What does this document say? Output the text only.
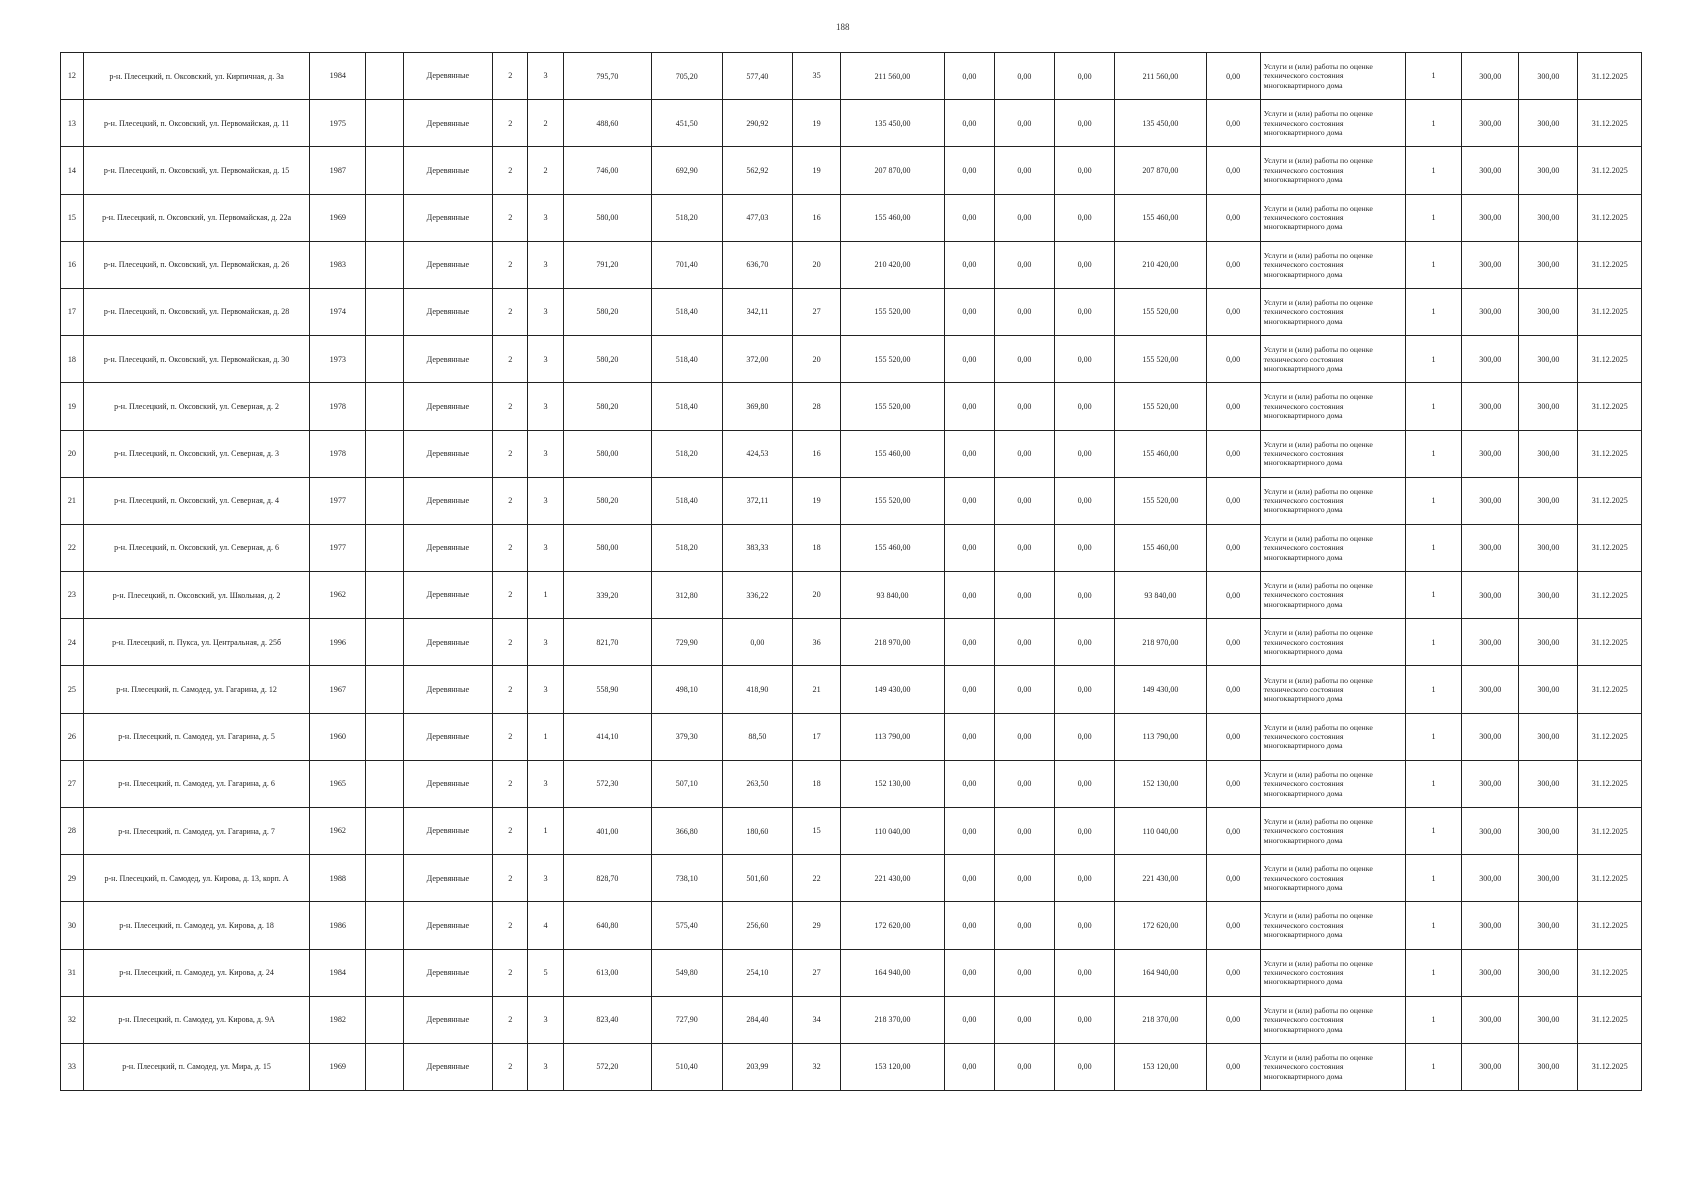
188
12	р-н. Плесецкий, п. Оксовский, ул. Кирпичная, д. 3а	1984		Деревянные	2	3	795,70	705,20	577,40	35	211 560,00	0,00	0,00	0,00	211 560,00	0,00	Услуги и (или) работы по оценке технического состояния многоквартирного дома	1	300,00	300,00	31.12.2025
13	р-н. Плесецкий, п. Оксовский, ул. Первомайская, д. 11	1975		Деревянные	2	2	488,60	451,50	290,92	19	135 450,00	0,00	0,00	0,00	135 450,00	0,00	Услуги и (или) работы по оценке технического состояния многоквартирного дома	1	300,00	300,00	31.12.2025
14	р-н. Плесецкий, п. Оксовский, ул. Первомайская, д. 15	1987		Деревянные	2	2	746,00	692,90	562,92	19	207 870,00	0,00	0,00	0,00	207 870,00	0,00	Услуги и (или) работы по оценке технического состояния многоквартирного дома	1	300,00	300,00	31.12.2025
15	р-н. Плесецкий, п. Оксовский, ул. Первомайская, д. 22а	1969		Деревянные	2	3	580,00	518,20	477,03	16	155 460,00	0,00	0,00	0,00	155 460,00	0,00	Услуги и (или) работы по оценке технического состояния многоквартирного дома	1	300,00	300,00	31.12.2025
16	р-н. Плесецкий, п. Оксовский, ул. Первомайская, д. 26	1983		Деревянные	2	3	791,20	701,40	636,70	20	210 420,00	0,00	0,00	0,00	210 420,00	0,00	Услуги и (или) работы по оценке технического состояния многоквартирного дома	1	300,00	300,00	31.12.2025
17	р-н. Плесецкий, п. Оксовский, ул. Первомайская, д. 28	1974		Деревянные	2	3	580,20	518,40	342,11	27	155 520,00	0,00	0,00	0,00	155 520,00	0,00	Услуги и (или) работы по оценке технического состояния многоквартирного дома	1	300,00	300,00	31.12.2025
18	р-н. Плесецкий, п. Оксовский, ул. Первомайская, д. 30	1973		Деревянные	2	3	580,20	518,40	372,00	20	155 520,00	0,00	0,00	0,00	155 520,00	0,00	Услуги и (или) работы по оценке технического состояния многоквартирного дома	1	300,00	300,00	31.12.2025
19	р-н. Плесецкий, п. Оксовский, ул. Северная, д. 2	1978		Деревянные	2	3	580,20	518,40	369,80	28	155 520,00	0,00	0,00	0,00	155 520,00	0,00	Услуги и (или) работы по оценке технического состояния многоквартирного дома	1	300,00	300,00	31.12.2025
20	р-н. Плесецкий, п. Оксовский, ул. Северная, д. 3	1978		Деревянные	2	3	580,00	518,20	424,53	16	155 460,00	0,00	0,00	0,00	155 460,00	0,00	Услуги и (или) работы по оценке технического состояния многоквартирного дома	1	300,00	300,00	31.12.2025
21	р-н. Плесецкий, п. Оксовский, ул. Северная, д. 4	1977		Деревянные	2	3	580,20	518,40	372,11	19	155 520,00	0,00	0,00	0,00	155 520,00	0,00	Услуги и (или) работы по оценке технического состояния многоквартирного дома	1	300,00	300,00	31.12.2025
22	р-н. Плесецкий, п. Оксовский, ул. Северная, д. 6	1977		Деревянные	2	3	580,00	518,20	383,33	18	155 460,00	0,00	0,00	0,00	155 460,00	0,00	Услуги и (или) работы по оценке технического состояния многоквартирного дома	1	300,00	300,00	31.12.2025
23	р-н. Плесецкий, п. Оксовский, ул. Школьная, д. 2	1962		Деревянные	2	1	339,20	312,80	336,22	20	93 840,00	0,00	0,00	0,00	93 840,00	0,00	Услуги и (или) работы по оценке технического состояния многоквартирного дома	1	300,00	300,00	31.12.2025
24	р-н. Плесецкий, п. Пуксa, ул. Центральная, д. 25б	1996		Деревянные	2	3	821,70	729,90	0,00	36	218 970,00	0,00	0,00	0,00	218 970,00	0,00	Услуги и (или) работы по оценке технического состояния многоквартирного дома	1	300,00	300,00	31.12.2025
25	р-н. Плесецкий, п. Самодед, ул. Гагарина, д. 12	1967		Деревянные	2	3	558,90	498,10	418,90	21	149 430,00	0,00	0,00	0,00	149 430,00	0,00	Услуги и (или) работы по оценке технического состояния многоквартирного дома	1	300,00	300,00	31.12.2025
26	р-н. Плесецкий, п. Самодед, ул. Гагарина, д. 5	1960		Деревянные	2	1	414,10	379,30	88,50	17	113 790,00	0,00	0,00	0,00	113 790,00	0,00	Услуги и (или) работы по оценке технического состояния многоквартирного дома	1	300,00	300,00	31.12.2025
27	р-н. Плесецкий, п. Самодед, ул. Гагарина, д. 6	1965		Деревянные	2	3	572,30	507,10	263,50	18	152 130,00	0,00	0,00	0,00	152 130,00	0,00	Услуги и (или) работы по оценке технического состояния многоквартирного дома	1	300,00	300,00	31.12.2025
28	р-н. Плесецкий, п. Самодед, ул. Гагарина, д. 7	1962		Деревянные	2	1	401,00	366,80	180,60	15	110 040,00	0,00	0,00	0,00	110 040,00	0,00	Услуги и (или) работы по оценке технического состояния многоквартирного дома	1	300,00	300,00	31.12.2025
29	р-н. Плесецкий, п. Самодед, ул. Кирова, д. 13, корп. А	1988		Деревянные	2	3	828,70	738,10	501,60	22	221 430,00	0,00	0,00	0,00	221 430,00	0,00	Услуги и (или) работы по оценке технического состояния многоквартирного дома	1	300,00	300,00	31.12.2025
30	р-н. Плесецкий, п. Самодед, ул. Кирова, д. 18	1986		Деревянные	2	4	640,80	575,40	256,60	29	172 620,00	0,00	0,00	0,00	172 620,00	0,00	Услуги и (или) работы по оценке технического состояния многоквартирного дома	1	300,00	300,00	31.12.2025
31	р-н. Плесецкий, п. Самодед, ул. Кирова, д. 24	1984		Деревянные	2	5	613,00	549,80	254,10	27	164 940,00	0,00	0,00	0,00	164 940,00	0,00	Услуги и (или) работы по оценке технического состояния многоквартирного дома	1	300,00	300,00	31.12.2025
32	р-н. Плесецкий, п. Самодед, ул. Кирова, д. 9А	1982		Деревянные	2	3	823,40	727,90	284,40	34	218 370,00	0,00	0,00	0,00	218 370,00	0,00	Услуги и (или) работы по оценке технического состояния многоквартирного дома	1	300,00	300,00	31.12.2025
33	р-н. Плесецкий, п. Самодед, ул. Мира, д. 15	1969		Деревянные	2	3	572,20	510,40	203,99	32	153 120,00	0,00	0,00	0,00	153 120,00	0,00	Услуги и (или) работы по оценке технического состояния многоквартирного дома	1	300,00	300,00	31.12.2025
